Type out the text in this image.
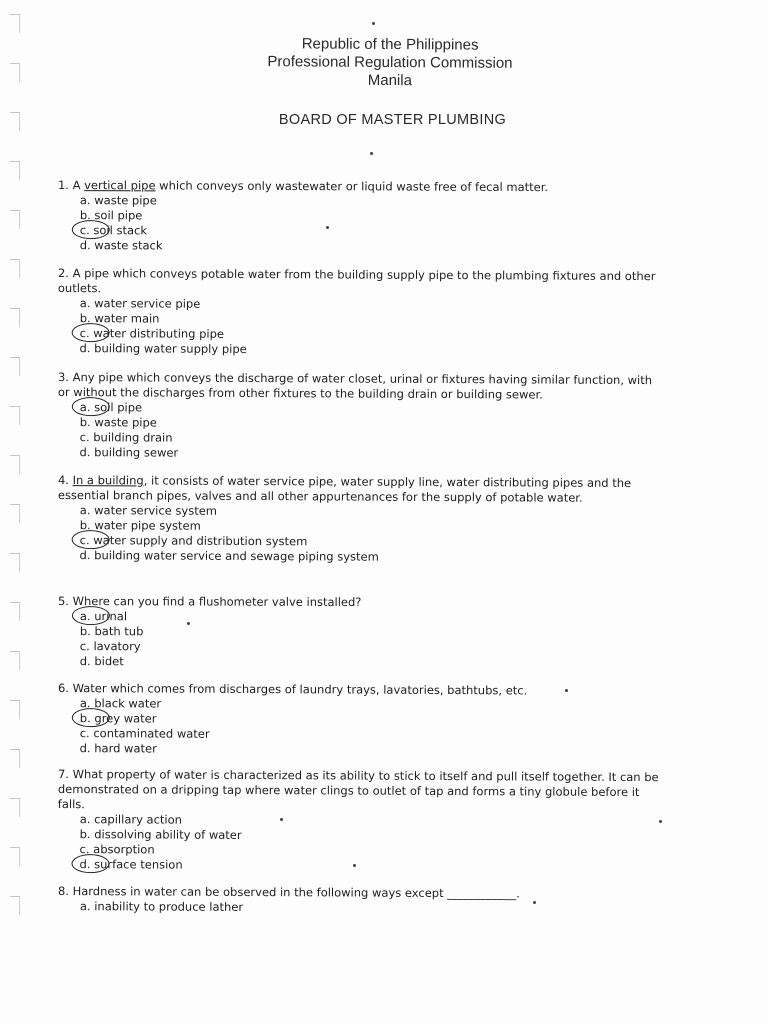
Republic of the Philippines
Professional Regulation Commission
Manila
BOARD OF MASTER PLUMBING
1. A vertical pipe which conveys only wastewater or liquid waste free of fecal matter.
a. waste pipe
b. soil pipe
c. soil stack
d. waste stack
2. A pipe which conveys potable water from the building supply pipe to the plumbing fixtures and other outlets.
a. water service pipe
b. water main
c. water distributing pipe
d. building water supply pipe
3. Any pipe which conveys the discharge of water closet, urinal or fixtures having similar function, with or without the discharges from other fixtures to the building drain or building sewer.
a. soil pipe
b. waste pipe
c. building drain
d. building sewer
4. In a building, it consists of water service pipe, water supply line, water distributing pipes and the essential branch pipes, valves and all other appurtenances for the supply of potable water.
a. water service system
b. water pipe system
c. water supply and distribution system
d. building water service and sewage piping system
5. Where can you find a flushometer valve installed?
a. urinal
b. bath tub
c. lavatory
d. bidet
6. Water which comes from discharges of laundry trays, lavatories, bathtubs, etc.
a. black water
b. grey water
c. contaminated water
d. hard water
7. What property of water is characterized as its ability to stick to itself and pull itself together. It can be demonstrated on a dripping tap where water clings to outlet of tap and forms a tiny globule before it falls.
a. capillary action
b. dissolving ability of water
c. absorption
d. surface tension
8. Hardness in water can be observed in the following ways except ____________.
a. inability to produce lather
